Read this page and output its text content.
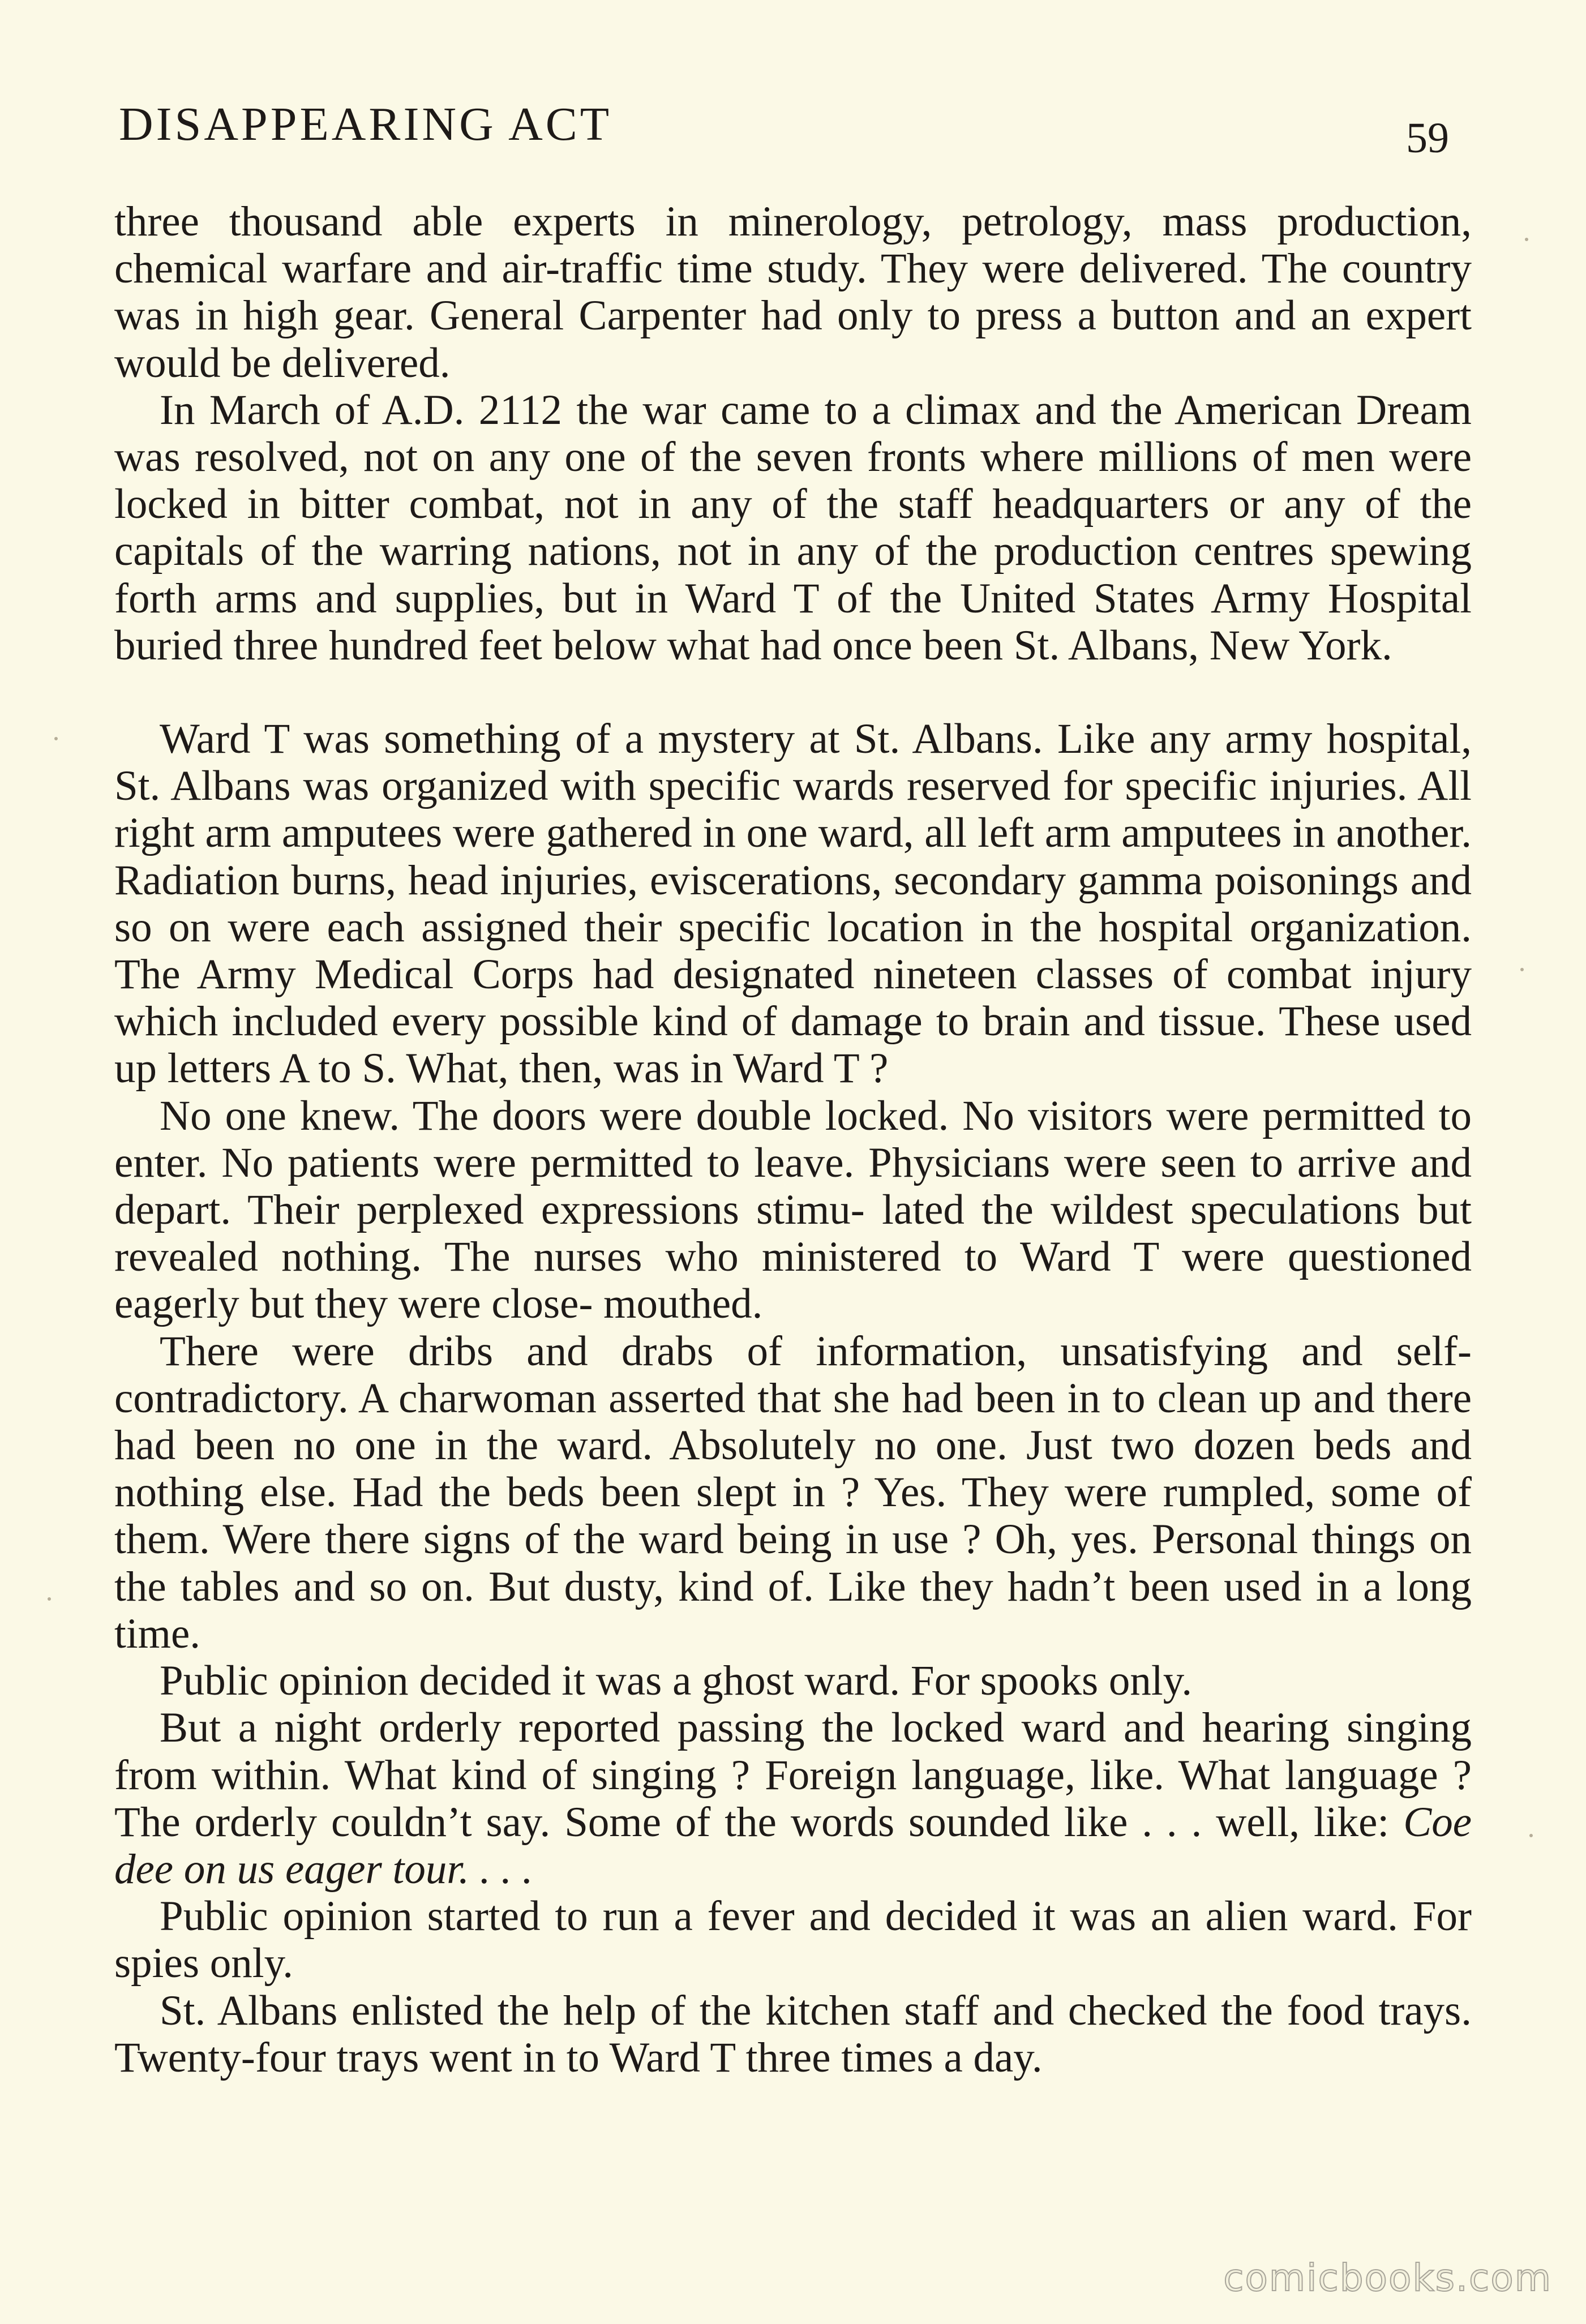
DISAPPEARING ACT	59

three thousand able experts in minerology, petrology, mass production, chemical warfare and air-traffic time study. They were delivered. The country was in high gear. General Carpenter had only to press a button and an expert would be delivered.

In March of A.D. 2112 the war came to a climax and the American Dream was resolved, not on any one of the seven fronts where millions of men were locked in bitter combat, not in any of the staff headquarters or any of the capitals of the warring nations, not in any of the production centres spewing forth arms and supplies, but in Ward T of the United States Army Hospital buried three hundred feet below what had once been St. Albans, New York.

Ward T was something of a mystery at St. Albans. Like any army hospital, St. Albans was organized with specific wards reserved for specific injuries. All right arm amputees were gathered in one ward, all left arm amputees in another. Radiation burns, head injuries, eviscerations, secondary gamma poisonings and so on were each assigned their specific location in the hospital organization. The Army Medical Corps had designated nineteen classes of combat injury which included every possible kind of damage to brain and tissue. These used up letters A to S. What, then, was in Ward T ?

No one knew. The doors were double locked. No visitors were permitted to enter. No patients were permitted to leave. Physicians were seen to arrive and depart. Their perplexed expressions stimu- lated the wildest speculations but revealed nothing. The nurses who ministered to Ward T were questioned eagerly but they were close- mouthed.

There were dribs and drabs of information, unsatisfying and self- contradictory. A charwoman asserted that she had been in to clean up and there had been no one in the ward. Absolutely no one. Just two dozen beds and nothing else. Had the beds been slept in ? Yes. They were rumpled, some of them. Were there signs of the ward being in use ? Oh, yes. Personal things on the tables and so on. But dusty, kind of. Like they hadn’t been used in a long time.

Public opinion decided it was a ghost ward. For spooks only.

But a night orderly reported passing the locked ward and hearing singing from within. What kind of singing ? Foreign language, like. What language ? The orderly couldn’t say. Some of the words sounded like . . . well, like: Coe dee on us eager tour. . . .

Public opinion started to run a fever and decided it was an alien ward. For spies only.

St. Albans enlisted the help of the kitchen staff and checked the food trays. Twenty-four trays went in to Ward T three times a day.

comicbooks.com
